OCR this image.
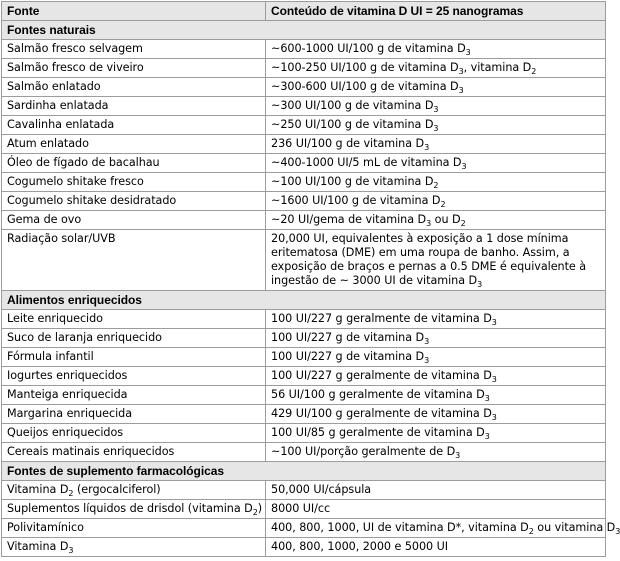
Fonte	Conteúdo de vitamina D UI = 25 nanogramas
Fontes naturais	
Salmão fresco selvagem	~600-1000 UI/100 g de vitamina $D_3$
Salmão fresco de viveiro	~100-250 UI/100 g de vitamina $D_3$, vitamina $D_2$
Salmão enlatado	~300-600 UI/100 g de vitamina $D_3$
Sardinha enlatada	~300 UI/100 g de vitamina $D_3$
Cavalinha enlatada	~250 UI/100 g de vitamina $D_3$
Atum enlatado	236 UI/100 g de vitamina $D_3$
Óleo de fígado de bacalhau	~400-1000 UI/5 mL de vitamina $D_3$
Cogumelo shitake fresco	~100 UI/100 g de vitamina $D_2$
Cogumelo shitake desidratado	~1600 UI/100 g de vitamina $D_2$
Gema de ovo	~20 UI/gema de vitamina $D_3$ ou $D_2$
Radiação solar/UVB	20,000 UI, equivalentes à exposição a 1 dose mínima eritematosa (DME) em uma roupa de banho. Assim, a exposição de braços e pernas a 0.5 DME é equivalente à ingestão de ~ 3000 UI de vitamina $D_3$
Alimentos enriquecidos	
Leite enriquecido	100 UI/227 g geralmente de vitamina $D_3$
Suco de laranja enriquecido	100 UI/227 g de vitamina $D_3$
Fórmula infantil	100 UI/227 g de vitamina $D_3$
Iogurtes enriquecidos	100 UI/227 g geralmente de vitamina $D_3$
Manteiga enriquecida	56 UI/100 g geralmente de vitamina $D_3$
Margarina enriquecida	429 UI/100 g geralmente de vitamina $D_3$
Queijos enriquecidos	100 UI/85 g geralmente de vitamina $D_3$
Cereais matinais enriquecidos	~100 UI/porção geralmente de $D_3$
Fontes de suplemento farmacológicas	
Vitamina $D_2$ (ergocalciferol)	50,000 UI/cápsula
Suplementos líquidos de drisdol (vitamina $D_2$)	8000 UI/cc
Polivitamínico	400, 800, 1000, UI de vitamina D*, vitamina $D_2$ ou vitamina $D_3$
Vitamina $D_3$	400, 800, 1000, 2000 e 5000 UI
